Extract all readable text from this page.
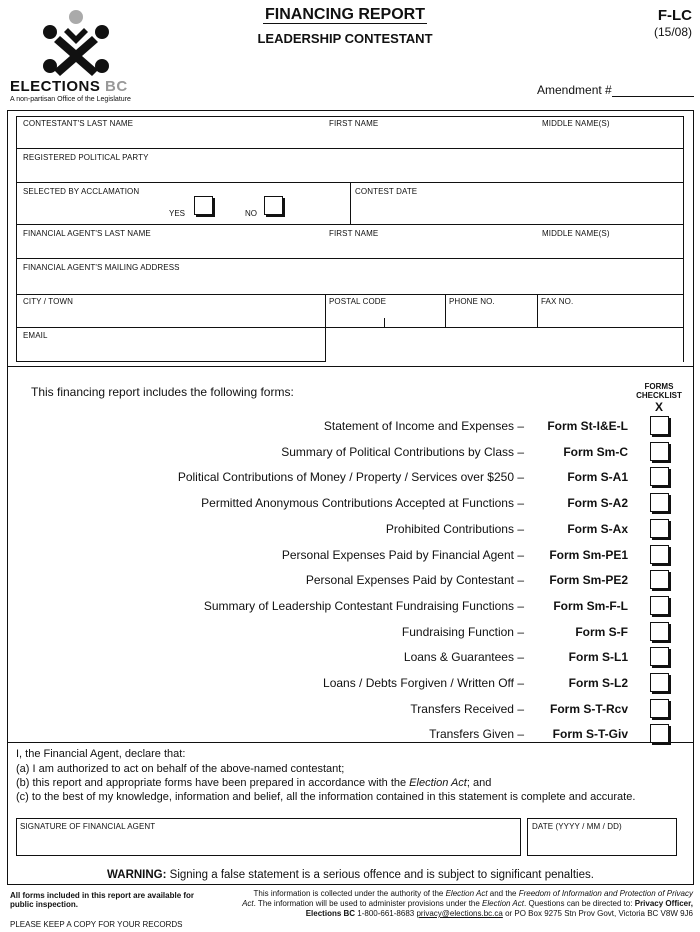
ELECTIONS BC
A non-partisan Office of the Legislature
FINANCING REPORT
LEADERSHIP CONTESTANT
F-LC
(15/08)
Amendment #
CONTESTANT'S LAST NAME	FIRST NAME	MIDDLE NAME(S)
REGISTERED POLITICAL PARTY
SELECTED BY ACCLAMATION
YES	NO
CONTEST DATE
FINANCIAL AGENT'S LAST NAME	FIRST NAME	MIDDLE NAME(S)
FINANCIAL AGENT'S MAILING ADDRESS
CITY / TOWN	POSTAL CODE	PHONE NO.	FAX NO.
EMAIL
This financing report includes the following forms:	FORMS
CHECKLIST
X
Statement of Income and Expenses – Form St-I&E-L
Summary of Political Contributions by Class –	Form Sm-C
Political Contributions of Money / Property / Services over $250 –	Form S-A1
Permitted Anonymous Contributions Accepted at Functions –	Form S-A2
Prohibited Contributions –	Form S-Ax
Personal Expenses Paid by Financial Agent – Form Sm-PE1
Personal Expenses Paid by Contestant – Form Sm-PE2
Summary of Leadership Contestant Fundraising Functions – Form Sm-F-L
Fundraising Function –	Form S-F
Loans & Guarantees –	Form S-L1
Loans / Debts Forgiven / Written Off –	Form S-L2
Transfers Received – Form S-T-Rcv
Transfers Given – Form S-T-Giv
I, the Financial Agent, declare that:
(a) I am authorized to act on behalf of the above-named contestant;
(b) this report and appropriate forms have been prepared in accordance with the Election Act; and
(c) to the best of my knowledge, information and belief, all the information contained in this statement is complete and accurate.
SIGNATURE OF FINANCIAL AGENT	DATE (YYYY / MM / DD)
WARNING: Signing a false statement is a serious offence and is subject to significant penalties.
All forms included in this report are available for public inspection.
This information is collected under the authority of the Election Act and the Freedom of Information and Protection of Privacy
Act. The information will be used to administer provisions under the Election Act. Questions can be directed to: Privacy Officer,
Elections BC 1-800-661-8683 privacy@elections.bc.ca or PO Box 9275 Stn Prov Govt, Victoria BC V8W 9J6
PLEASE KEEP A COPY FOR YOUR RECORDS
